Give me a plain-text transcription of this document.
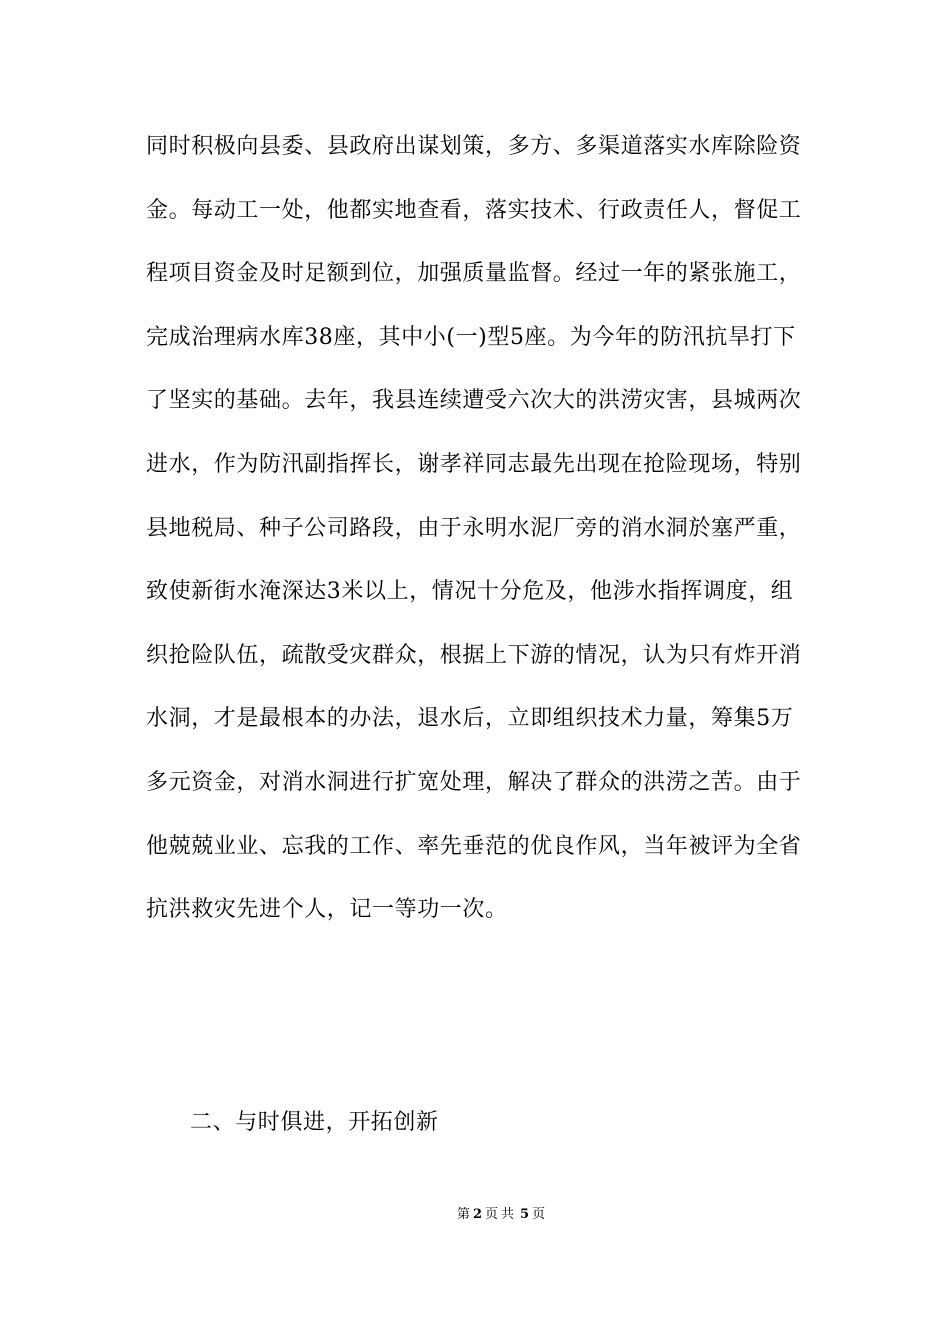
同时积极向县委、县政府出谋划策，多方、多渠道落实水库除险资
金。每动工一处，他都实地查看，落实技术、行政责任人，督促工
程项目资金及时足额到位，加强质量监督。经过一年的紧张施工，
完成治理病水库38座，其中小(一)型5座。为今年的防汛抗旱打下
了坚实的基础。去年，我县连续遭受六次大的洪涝灾害，县城两次
进水，作为防汛副指挥长，谢孝祥同志最先出现在抢险现场，特别
县地税局、种子公司路段，由于永明水泥厂旁的消水洞於塞严重，
致使新街水淹深达3米以上，情况十分危及，他涉水指挥调度，组
织抢险队伍，疏散受灾群众，根据上下游的情况，认为只有炸开消
水洞，才是最根本的办法，退水后，立即组织技术力量，筹集5万
多元资金，对消水洞进行扩宽处理，解决了群众的洪涝之苦。由于
他兢兢业业、忘我的工作、率先垂范的优良作风，当年被评为全省
抗洪救灾先进个人，记一等功一次。
二、与时俱进，开拓创新
第 2 页 共 5 页
